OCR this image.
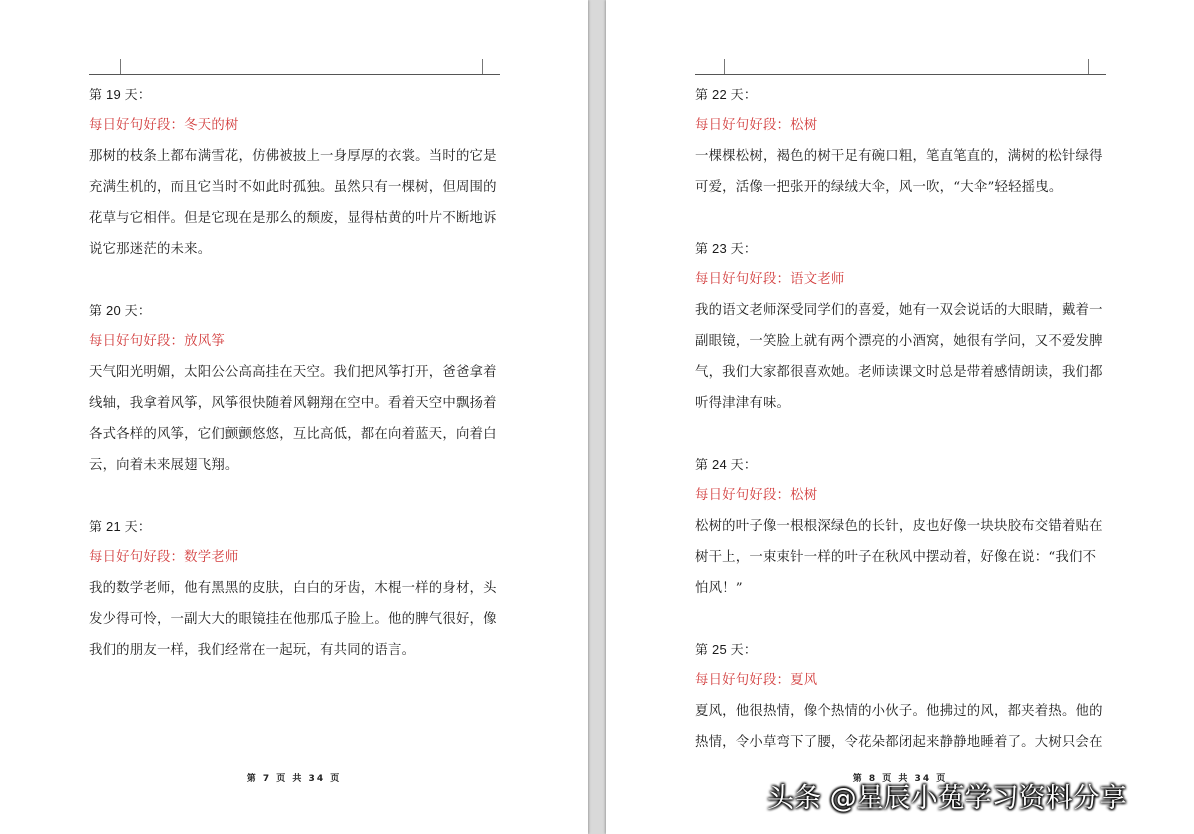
第 19 天：
每日好句好段：冬天的树
那树的枝条上都布满雪花，仿佛被披上一身厚厚的衣裳。当时的它是
充满生机的，而且它当时不如此时孤独。虽然只有一棵树，但周围的
花草与它相伴。但是它现在是那么的颓废，显得枯黄的叶片不断地诉
说它那迷茫的未来。
第 20 天：
每日好句好段：放风筝
天气阳光明媚，太阳公公高高挂在天空。我们把风筝打开，爸爸拿着
线轴，我拿着风筝，风筝很快随着风翱翔在空中。看着天空中飘扬着
各式各样的风筝，它们颤颤悠悠，互比高低，都在向着蓝天，向着白
云，向着未来展翅飞翔。
第 21 天：
每日好句好段：数学老师
我的数学老师，他有黑黑的皮肤，白白的牙齿，木棍一样的身材，头
发少得可怜，一副大大的眼镜挂在他那瓜子脸上。他的脾气很好，像
我们的朋友一样，我们经常在一起玩，有共同的语言。
第 7 页 共 34 页
第 22 天：
每日好句好段：松树
一棵棵松树，褐色的树干足有碗口粗，笔直笔直的，满树的松针绿得
可爱，活像一把张开的绿绒大伞，风一吹，“大伞”轻轻摇曳。
第 23 天：
每日好句好段：语文老师
我的语文老师深受同学们的喜爱，她有一双会说话的大眼睛，戴着一
副眼镜，一笑脸上就有两个漂亮的小酒窝，她很有学问，又不爱发脾
气，我们大家都很喜欢她。老师读课文时总是带着感情朗读，我们都
听得津津有味。
第 24 天：
每日好句好段：松树
松树的叶子像一根根深绿色的长针，皮也好像一块块胶布交错着贴在
树干上，一束束针一样的叶子在秋风中摆动着，好像在说：“我们不
怕风！”
第 25 天：
每日好句好段：夏风
夏风，他很热情，像个热情的小伙子。他拂过的风，都夹着热。他的
热情，令小草弯下了腰，令花朵都闭起来静静地睡着了。大树只会在
第 8 页 共 34 页
头条 @星辰小菟学习资料分享
